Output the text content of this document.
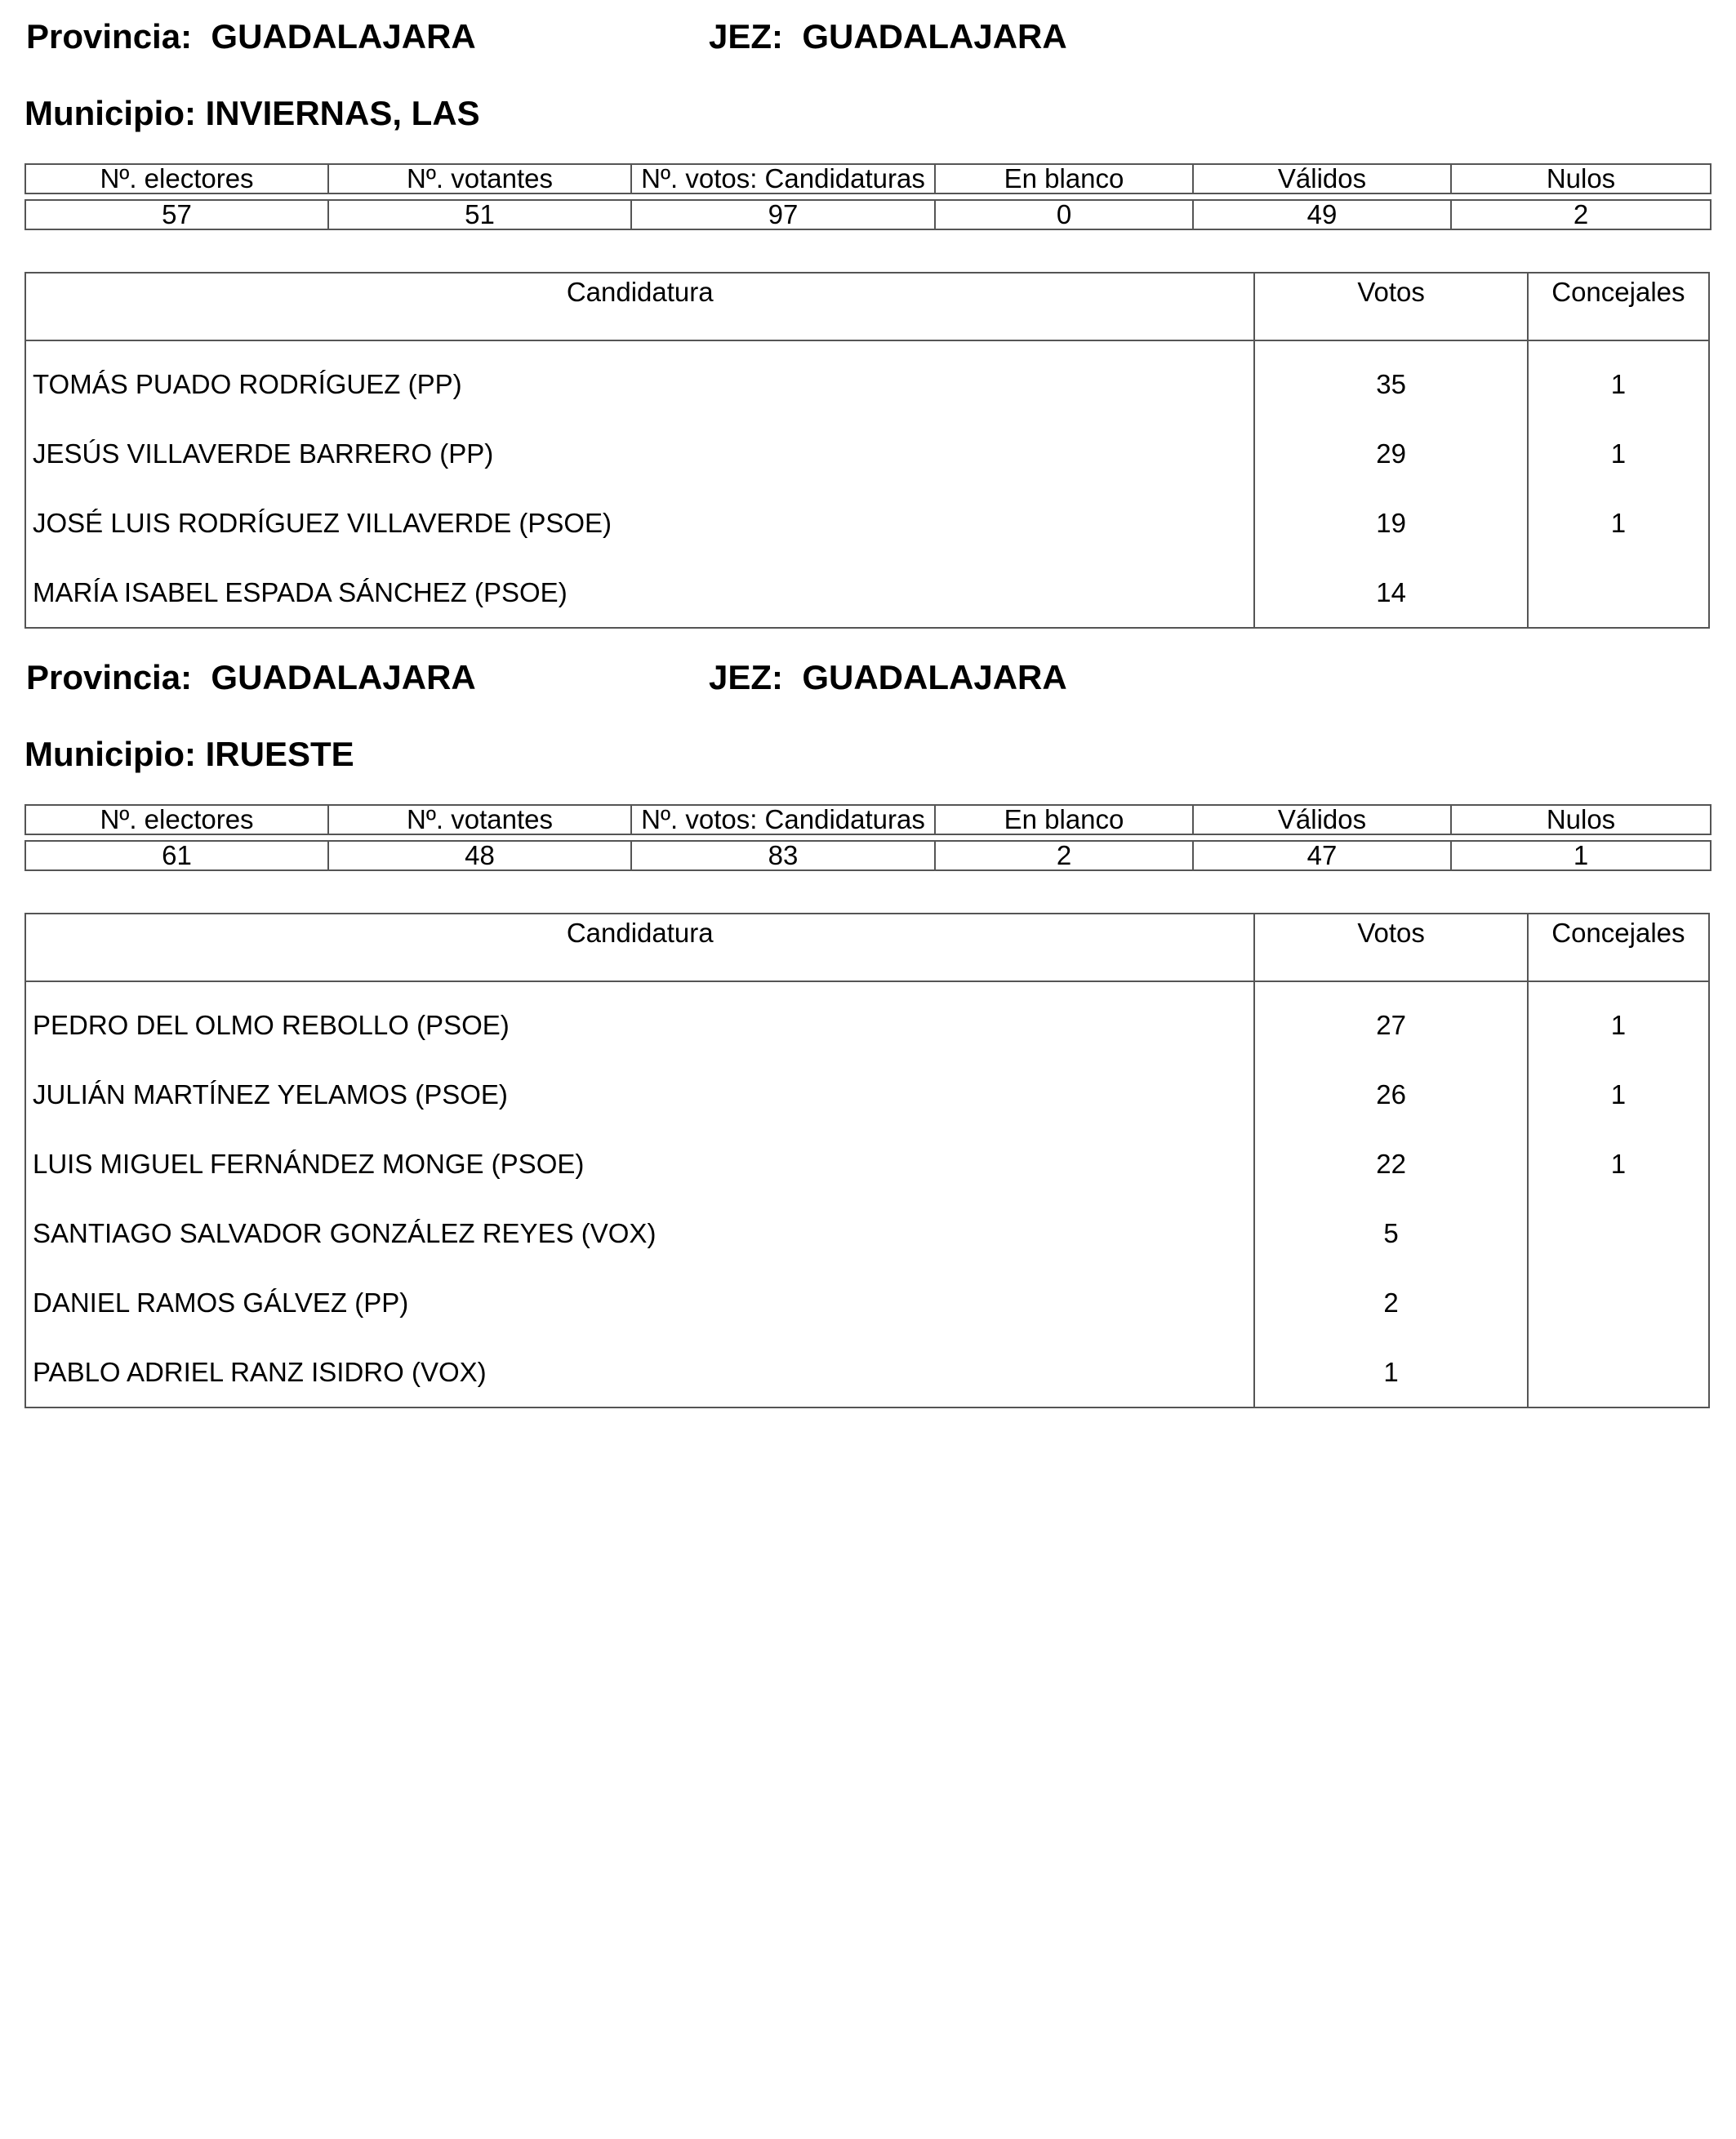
Provincia:  GUADALAJARA	JEZ:  GUADALAJARA
Municipio: INVIERNAS, LAS
Nº. electores	Nº. votantes	Nº. votos: Candidaturas	En blanco	Válidos	Nulos

57	51	97	0	49	2
Candidatura	Votos	Concejales
TOMÁS PUADO RODRÍGUEZ (PP)	35	1
JESÚS VILLAVERDE BARRERO (PP)	29	1
JOSÉ LUIS RODRÍGUEZ VILLAVERDE (PSOE)	19	1
MARÍA ISABEL ESPADA SÁNCHEZ (PSOE)	14	
Provincia:  GUADALAJARA	JEZ:  GUADALAJARA
Municipio: IRUESTE
Nº. electores	Nº. votantes	Nº. votos: Candidaturas	En blanco	Válidos	Nulos

61	48	83	2	47	1
Candidatura	Votos	Concejales
PEDRO DEL OLMO REBOLLO (PSOE)	27	1
JULIÁN MARTÍNEZ YELAMOS (PSOE)	26	1
LUIS MIGUEL FERNÁNDEZ MONGE (PSOE)	22	1
SANTIAGO SALVADOR GONZÁLEZ REYES (VOX)	5	
DANIEL RAMOS GÁLVEZ (PP)	2	
PABLO ADRIEL RANZ ISIDRO (VOX)	1	
